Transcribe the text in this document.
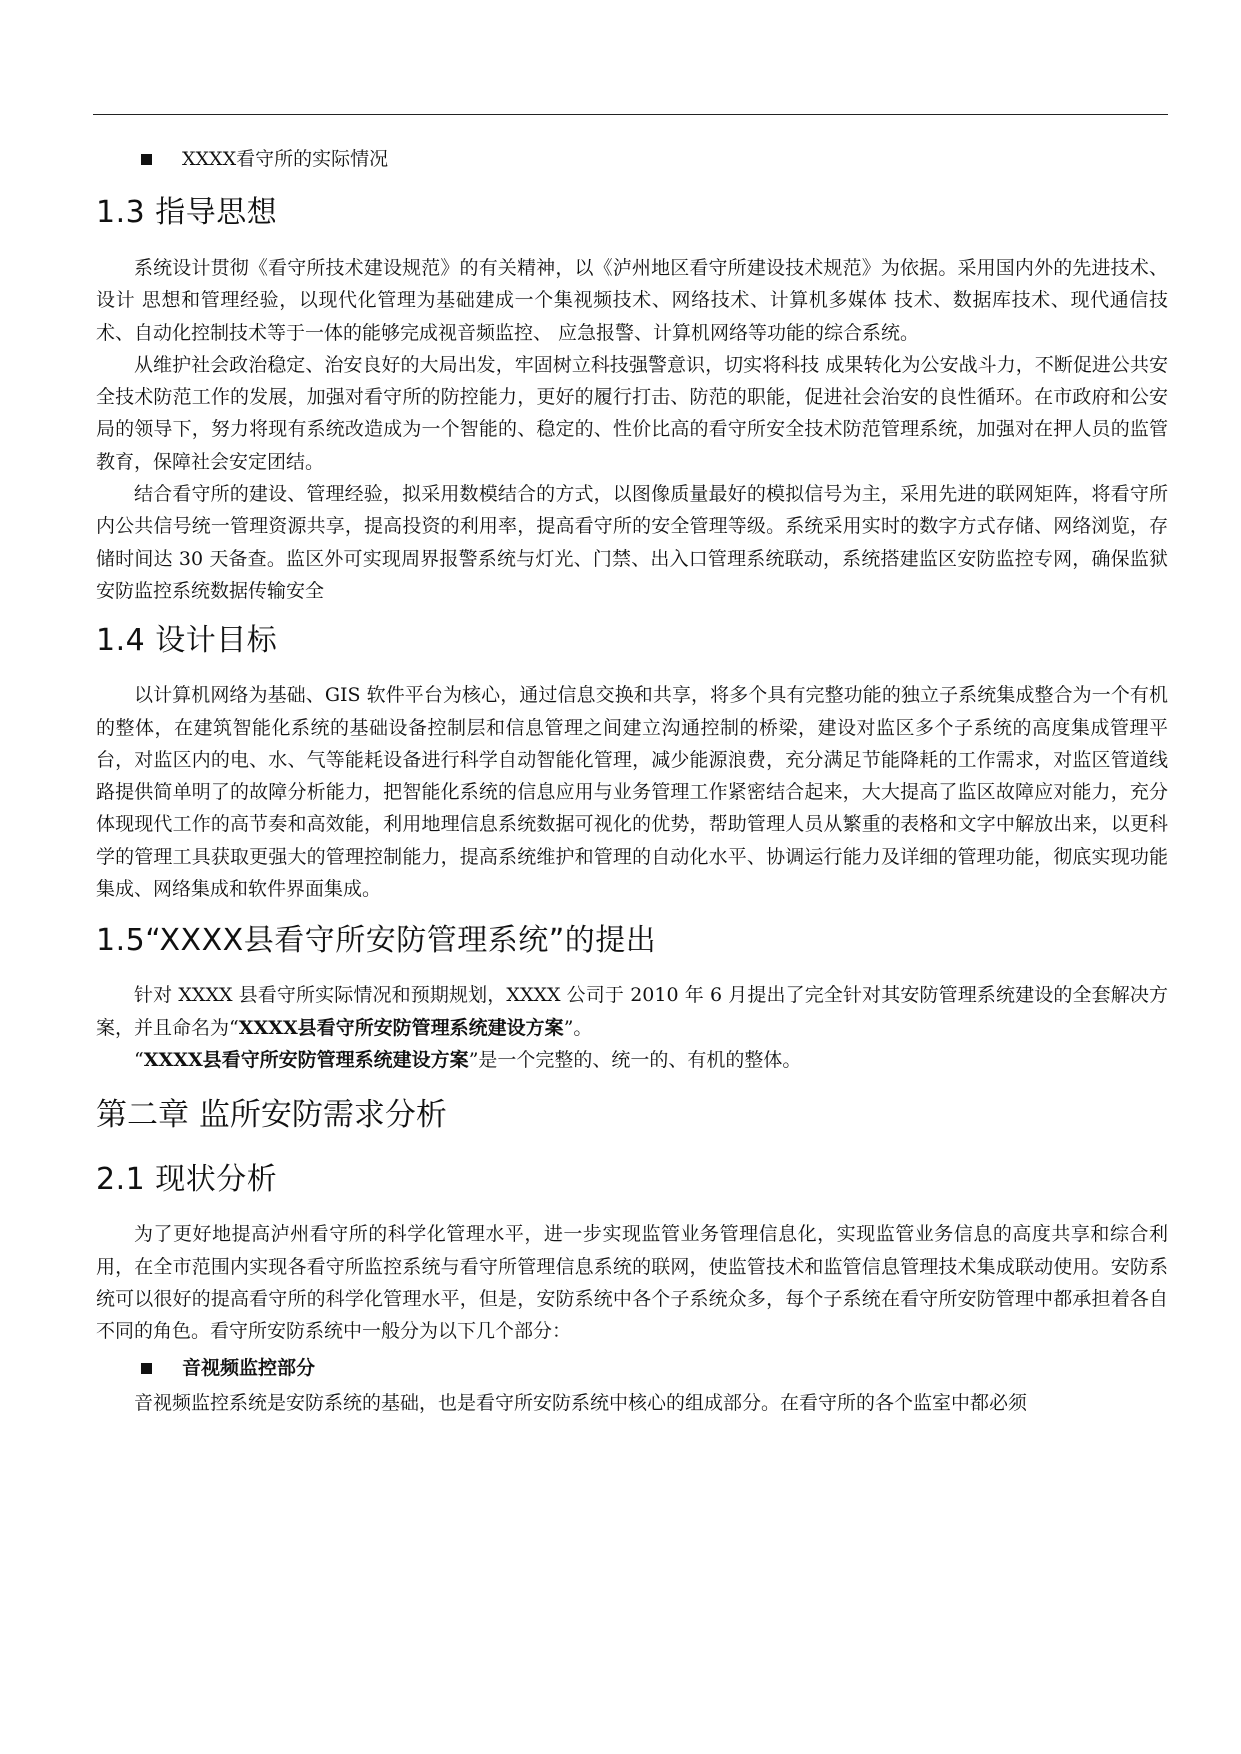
XXXX看守所的实际情况
1.3 指导思想

系统设计贯彻《看守所技术建设规范》的有关精神，以《泸州地区看守所建设技术规范》为依据。采用国内外的先进技术、设计 思想和管理经验，以现代化管理为基础建成一个集视频技术、网络技术、计算机多媒体 技术、数据库技术、现代通信技术、自动化控制技术等于一体的能够完成视音频监控、 应急报警、计算机网络等功能的综合系统。

从维护社会政治稳定、治安良好的大局出发，牢固树立科技强警意识，切实将科技 成果转化为公安战斗力，不断促进公共安全技术防范工作的发展，加强对看守所的防控能力，更好的履行打击、防范的职能，促进社会治安的良性循环。在市政府和公安局的领导下，努力将现有系统改造成为一个智能的、稳定的、性价比高的看守所安全技术防范管理系统，加强对在押人员的监管教育，保障社会安定团结。

结合看守所的建设、管理经验，拟采用数模结合的方式，以图像质量最好的模拟信号为主，采用先进的联网矩阵，将看守所内公共信号统一管理资源共享，提高投资的利用率，提高看守所的安全管理等级。系统采用实时的数字方式存储、网络浏览，存储时间达 30 天备查。监区外可实现周界报警系统与灯光、门禁、出入口管理系统联动，系统搭建监区安防监控专网，确保监狱安防监控系统数据传输安全

1.4 设计目标

以计算机网络为基础、GIS 软件平台为核心，通过信息交换和共享，将多个具有完整功能的独立子系统集成整合为一个有机的整体，在建筑智能化系统的基础设备控制层和信息管理之间建立沟通控制的桥梁，建设对监区多个子系统的高度集成管理平台，对监区内的电、水、气等能耗设备进行科学自动智能化管理，减少能源浪费，充分满足节能降耗的工作需求，对监区管道线路提供简单明了的故障分析能力，把智能化系统的信息应用与业务管理工作紧密结合起来，大大提高了监区故障应对能力，充分体现现代工作的高节奏和高效能，利用地理信息系统数据可视化的优势，帮助管理人员从繁重的表格和文字中解放出来，以更科学的管理工具获取更强大的管理控制能力，提高系统维护和管理的自动化水平、协调运行能力及详细的管理功能，彻底实现功能集成、网络集成和软件界面集成。

1.5“XXXX县看守所安防管理系统”的提出

针对 XXXX 县看守所实际情况和预期规划，XXXX 公司于 2010 年 6 月提出了完全针对其安防管理系统建设的全套解决方案，并且命名为“XXXX县看守所安防管理系统建设方案”。

“XXXX县看守所安防管理系统建设方案”是一个完整的、统一的、有机的整体。

第二章 监所安防需求分析
2.1 现状分析

为了更好地提高泸州看守所的科学化管理水平，进一步实现监管业务管理信息化，实现监管业务信息的高度共享和综合利用，在全市范围内实现各看守所监控系统与看守所管理信息系统的联网，使监管技术和监管信息管理技术集成联动使用。安防系统可以很好的提高看守所的科学化管理水平，但是，安防系统中各个子系统众多，每个子系统在看守所安防管理中都承担着各自不同的角色。看守所安防系统中一般分为以下几个部分：

音视频监控部分

音视频监控系统是安防系统的基础，也是看守所安防系统中核心的组成部分。在看守所的各个监室中都必须
